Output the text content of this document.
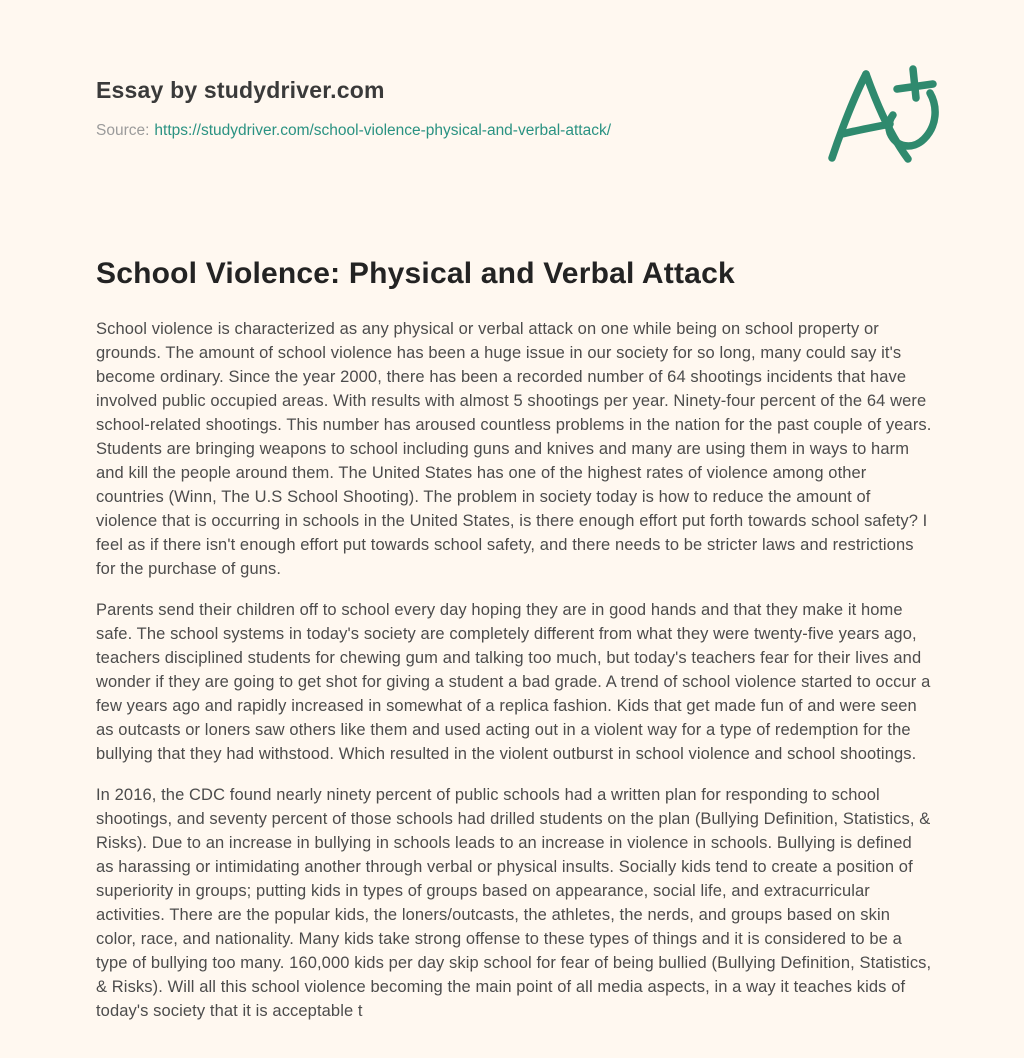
Essay by studydriver.com
Source: https://studydriver.com/school-violence-physical-and-verbal-attack/
School Violence: Physical and Verbal Attack

School violence is characterized as any physical or verbal attack on one while being on school property or grounds. The amount of school violence has been a huge issue in our society for so long, many could say it's become ordinary. Since the year 2000, there has been a recorded number of 64 shootings incidents that have involved public occupied areas. With results with almost 5 shootings per year. Ninety-four percent of the 64 were school-related shootings. This number has aroused countless problems in the nation for the past couple of years. Students are bringing weapons to school including guns and knives and many are using them in ways to harm and kill the people around them. The United States has one of the highest rates of violence among other countries (Winn, The U.S School Shooting). The problem in society today is how to reduce the amount of violence that is occurring in schools in the United States, is there enough effort put forth towards school safety? I feel as if there isn't enough effort put towards school safety, and there needs to be stricter laws and restrictions for the purchase of guns.

Parents send their children off to school every day hoping they are in good hands and that they make it home safe. The school systems in today's society are completely different from what they were twenty-five years ago, teachers disciplined students for chewing gum and talking too much, but today's teachers fear for their lives and wonder if they are going to get shot for giving a student a bad grade. A trend of school violence started to occur a few years ago and rapidly increased in somewhat of a replica fashion. Kids that get made fun of and were seen as outcasts or loners saw others like them and used acting out in a violent way for a type of redemption for the bullying that they had withstood. Which resulted in the violent outburst in school violence and school shootings.

In 2016, the CDC found nearly ninety percent of public schools had a written plan for responding to school shootings, and seventy percent of those schools had drilled students on the plan (Bullying Definition, Statistics, & Risks). Due to an increase in bullying in schools leads to an increase in violence in schools. Bullying is defined as harassing or intimidating another through verbal or physical insults. Socially kids tend to create a position of superiority in groups; putting kids in types of groups based on appearance, social life, and extracurricular activities. There are the popular kids, the loners/outcasts, the athletes, the nerds, and groups based on skin color, race, and nationality. Many kids take strong offense to these types of things and it is considered to be a type of bullying too many. 160,000 kids per day skip school for fear of being bullied (Bullying Definition, Statistics, & Risks). Will all this school violence becoming the main point of all media aspects, in a way it teaches kids of today's society that it is acceptable t
